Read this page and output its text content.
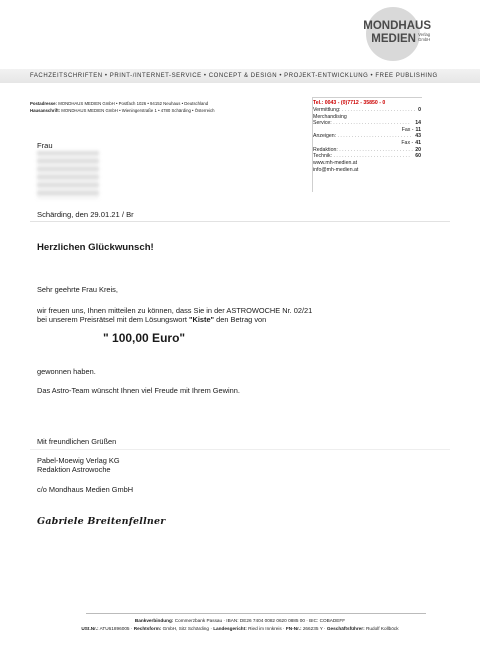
MONDHAUS
MEDIEN Verlag
GmbH
FACHZEITSCHRIFTEN • PRINT-/INTERNET-SERVICE • CONCEPT & DESIGN • PROJEKT-ENTWICKLUNG • FREE PUBLISHING
Postadresse: MONDHAUS MEDIEN GmbH • Postfach 1026 • 94152 Neuhaus • Deutschland
Hausanschrift: MONDHAUS MEDIEN GmbH • Wieningerstraße 1 • 4780 Schärding • Österreich
Tel.: 0043 - (0)7712 - 35850 - 0
Vermittlung: . . .	0
Merchandising
Service: . . .	14
Fax - 11
Anzeigen: . . .	43
Fax - 41
Redaktion: . . .	20
Technik: . . .	60
www.mh-medien.at
info@mh-medien.at
Frau
Schärding, den 29.01.21 / Br
Herzlichen Glückwunsch!
Sehr geehrte Frau Kreis,
wir freuen uns, Ihnen mitteilen zu können, dass Sie in der ASTROWOCHE Nr. 02/21
bei unserem Preisrätsel mit dem Lösungswort "Kiste" den Betrag von
" 100,00 Euro"
gewonnen haben.
Das Astro-Team wünscht Ihnen viel Freude mit Ihrem Gewinn.
Mit freundlichen Grüßen
Pabel-Moewig Verlag KG
Redaktion Astrowoche
c/o Mondhaus Medien GmbH
Gabriele Breitenfellner
Bankverbindung: Commerzbank Passau · IBAN: DE26 7404 0082 0620 0885 00 · BIC: COBADEFF
USt.Nr.: ATU61896005 · Rechtsform: GmbH, Sitz Schärding · Landesgericht: Ried im Innkreis · FN-Nr.: 266235 Y · Geschäftsführer: Rudolf Kollböck
